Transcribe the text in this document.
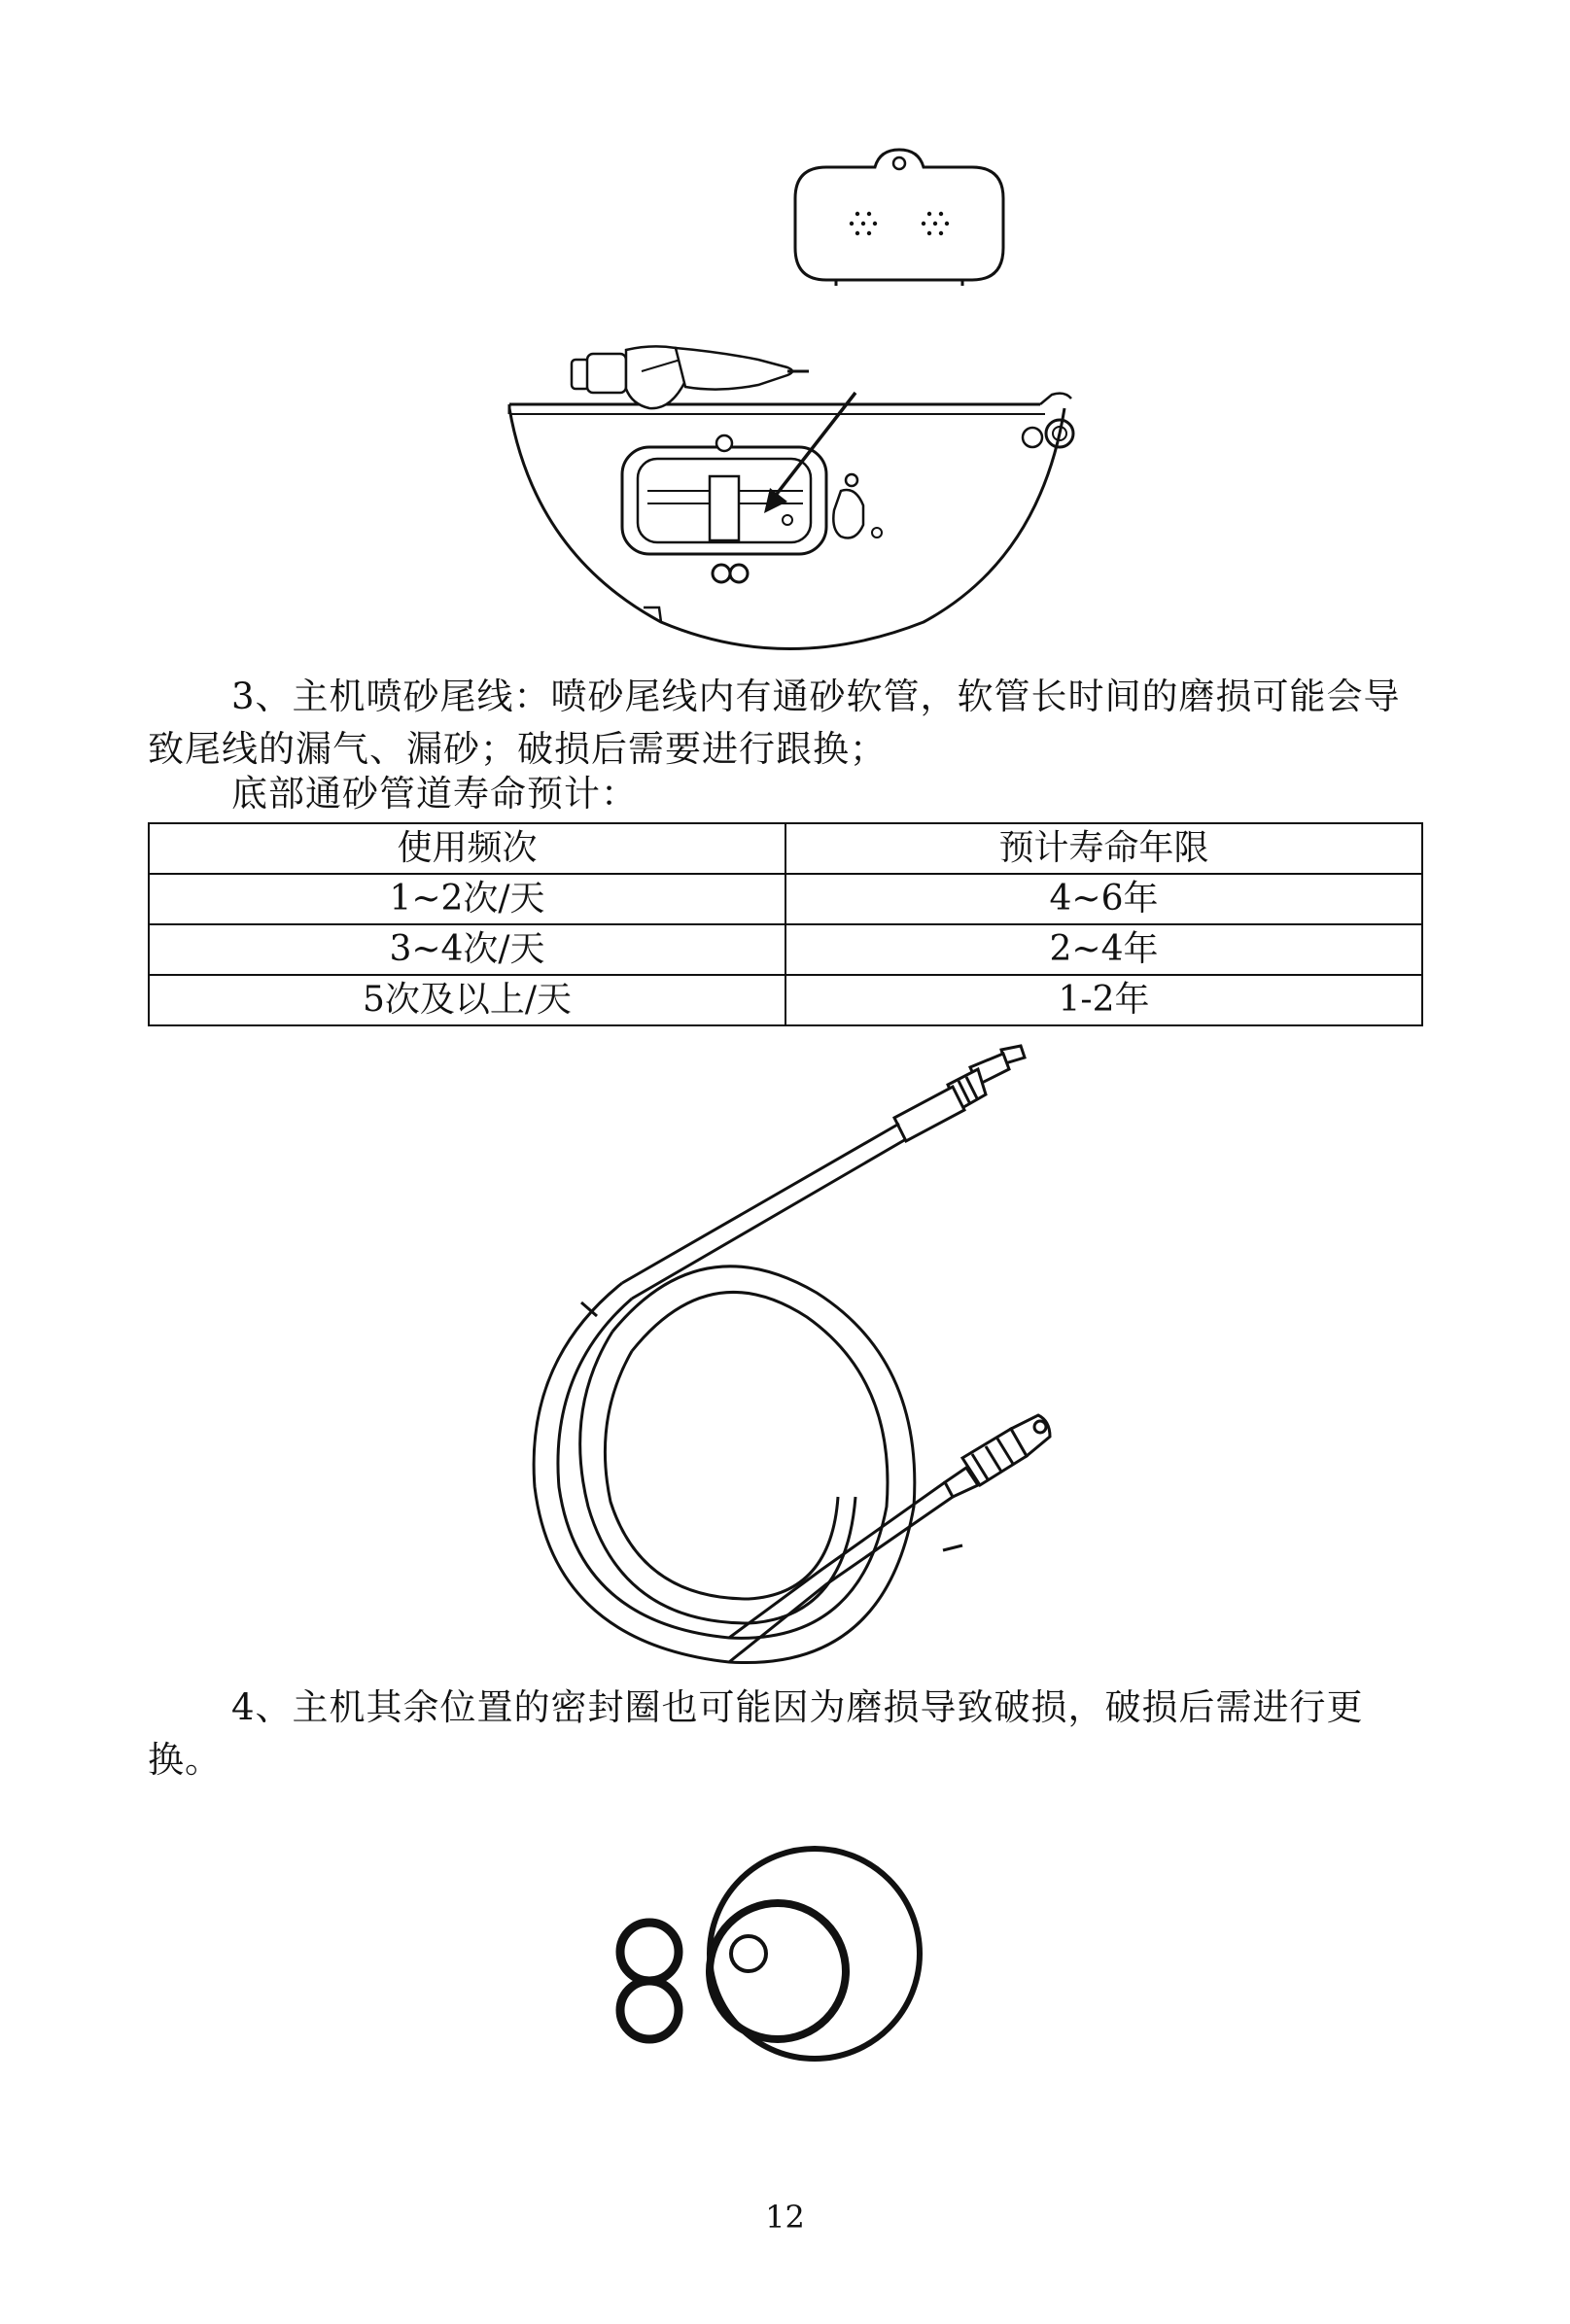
3、主机喷砂尾线：喷砂尾线内有通砂软管，软管长时间的磨损可能会导致尾线的漏气、漏砂；破损后需要进行跟换；
底部通砂管道寿命预计：
使用频次	预计寿命年限
1~2次/天	4~6年
3~4次/天	2~4年
5次及以上/天	1-2年
4、主机其余位置的密封圈也可能因为磨损导致破损，破损后需进行更换。
12
